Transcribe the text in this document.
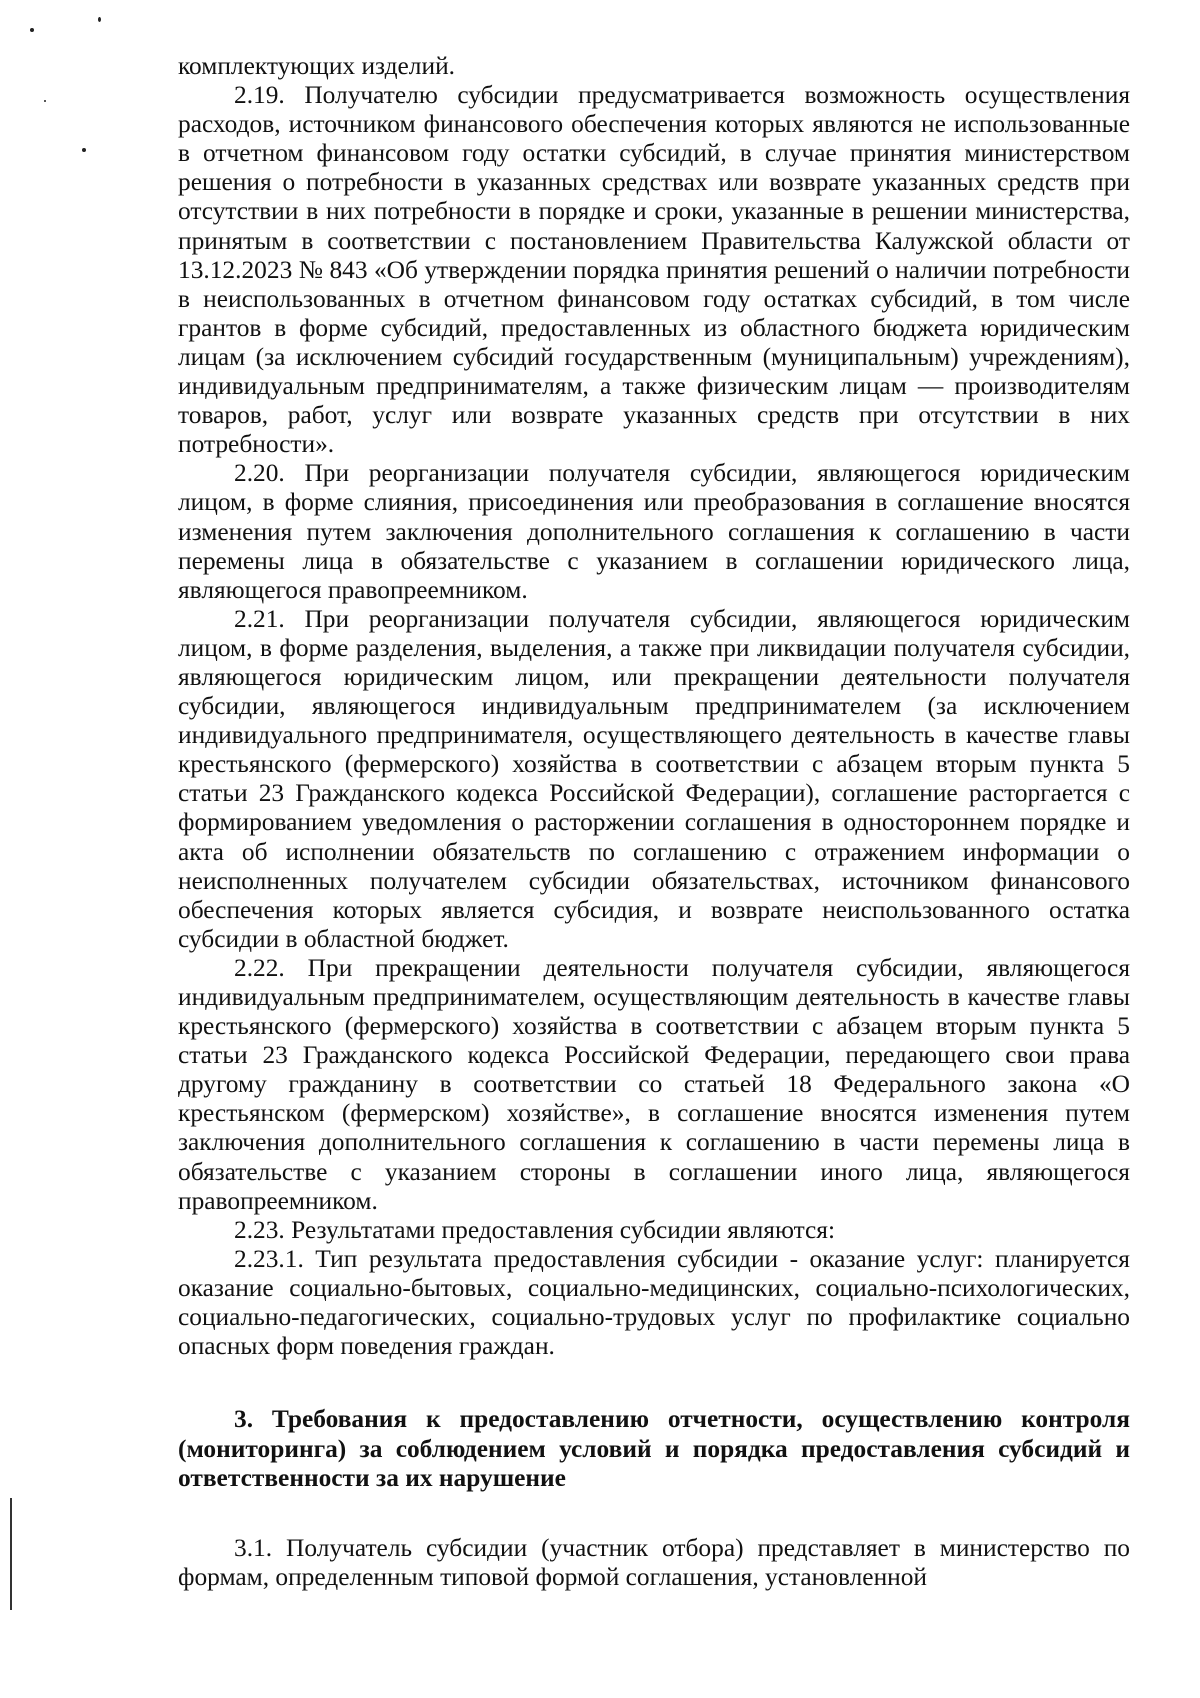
комплектующих изделий.

2.19. Получателю субсидии предусматривается возможность осуществления расходов, источником финансового обеспечения которых являются не использованные в отчетном финансовом году остатки субсидий, в случае принятия министерством решения о потребности в указанных средствах или возврате указанных средств при отсутствии в них потребности в порядке и сроки, указанные в решении министерства, принятым в соответствии с постановлением Правительства Калужской области от 13.12.2023 № 843 «Об утверждении порядка принятия решений о наличии потребности в неиспользованных в отчетном финансовом году остатках субсидий, в том числе грантов в форме субсидий, предоставленных из областного бюджета юридическим лицам (за исключением субсидий государственным (муниципальным) учреждениям), индивидуальным предпринимателям, а также физическим лицам — производителям товаров, работ, услуг или возврате указанных средств при отсутствии в них потребности».

2.20. При реорганизации получателя субсидии, являющегося юридическим лицом, в форме слияния, присоединения или преобразования в соглашение вносятся изменения путем заключения дополнительного соглашения к соглашению в части перемены лица в обязательстве с указанием в соглашении юридического лица, являющегося правопреемником.

2.21. При реорганизации получателя субсидии, являющегося юридическим лицом, в форме разделения, выделения, а также при ликвидации получателя субсидии, являющегося юридическим лицом, или прекращении деятельности получателя субсидии, являющегося индивидуальным предпринимателем (за исключением индивидуального предпринимателя, осуществляющего деятельность в качестве главы крестьянского (фермерского) хозяйства в соответствии с абзацем вторым пункта 5 статьи 23 Гражданского кодекса Российской Федерации), соглашение расторгается с формированием уведомления о расторжении соглашения в одностороннем порядке и акта об исполнении обязательств по соглашению с отражением информации о неисполненных получателем субсидии обязательствах, источником финансового обеспечения которых является субсидия, и возврате неиспользованного остатка субсидии в областной бюджет.

2.22. При прекращении деятельности получателя субсидии, являющегося индивидуальным предпринимателем, осуществляющим деятельность в качестве главы крестьянского (фермерского) хозяйства в соответствии с абзацем вторым пункта 5 статьи 23 Гражданского кодекса Российской Федерации, передающего свои права другому гражданину в соответствии со статьей 18 Федерального закона «О крестьянском (фермерском) хозяйстве», в соглашение вносятся изменения путем заключения дополнительного соглашения к соглашению в части перемены лица в обязательстве с указанием стороны в соглашении иного лица, являющегося правопреемником.

2.23. Результатами предоставления субсидии являются:

2.23.1. Тип результата предоставления субсидии - оказание услуг: планируется оказание социально-бытовых, социально-медицинских, социально-психологических, социально-педагогических, социально-трудовых услуг по профилактике социально опасных форм поведения граждан.

3. Требования к предоставлению отчетности, осуществлению контроля (мониторинга) за соблюдением условий и порядка предоставления субсидий и ответственности за их нарушение

3.1. Получатель субсидии (участник отбора) представляет в министерство по формам, определенным типовой формой соглашения, установленной
